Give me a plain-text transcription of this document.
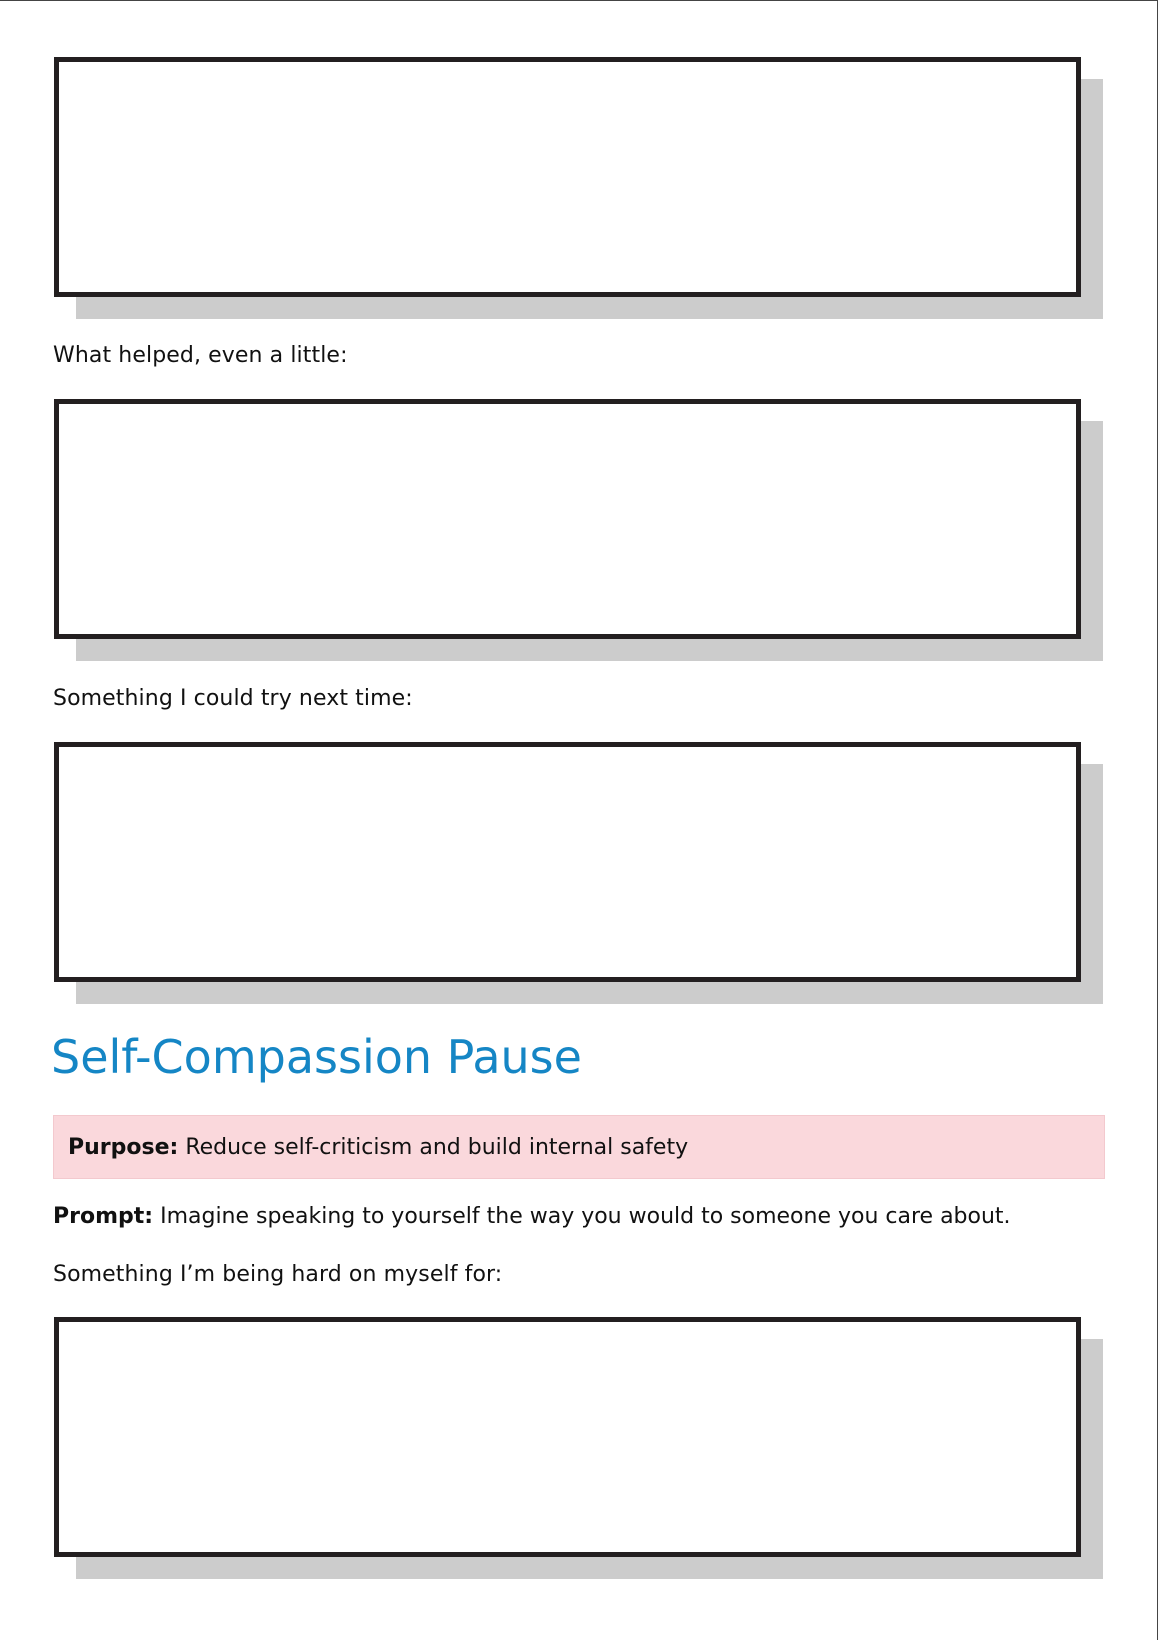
What helped, even a little:

Something I could try next time:

Self-Compassion Pause
Purpose:
Reduce self-criticism and build internal safety

Prompt: Imagine speaking to yourself the way you would to someone you care about.

Something I’m being hard on myself for:
